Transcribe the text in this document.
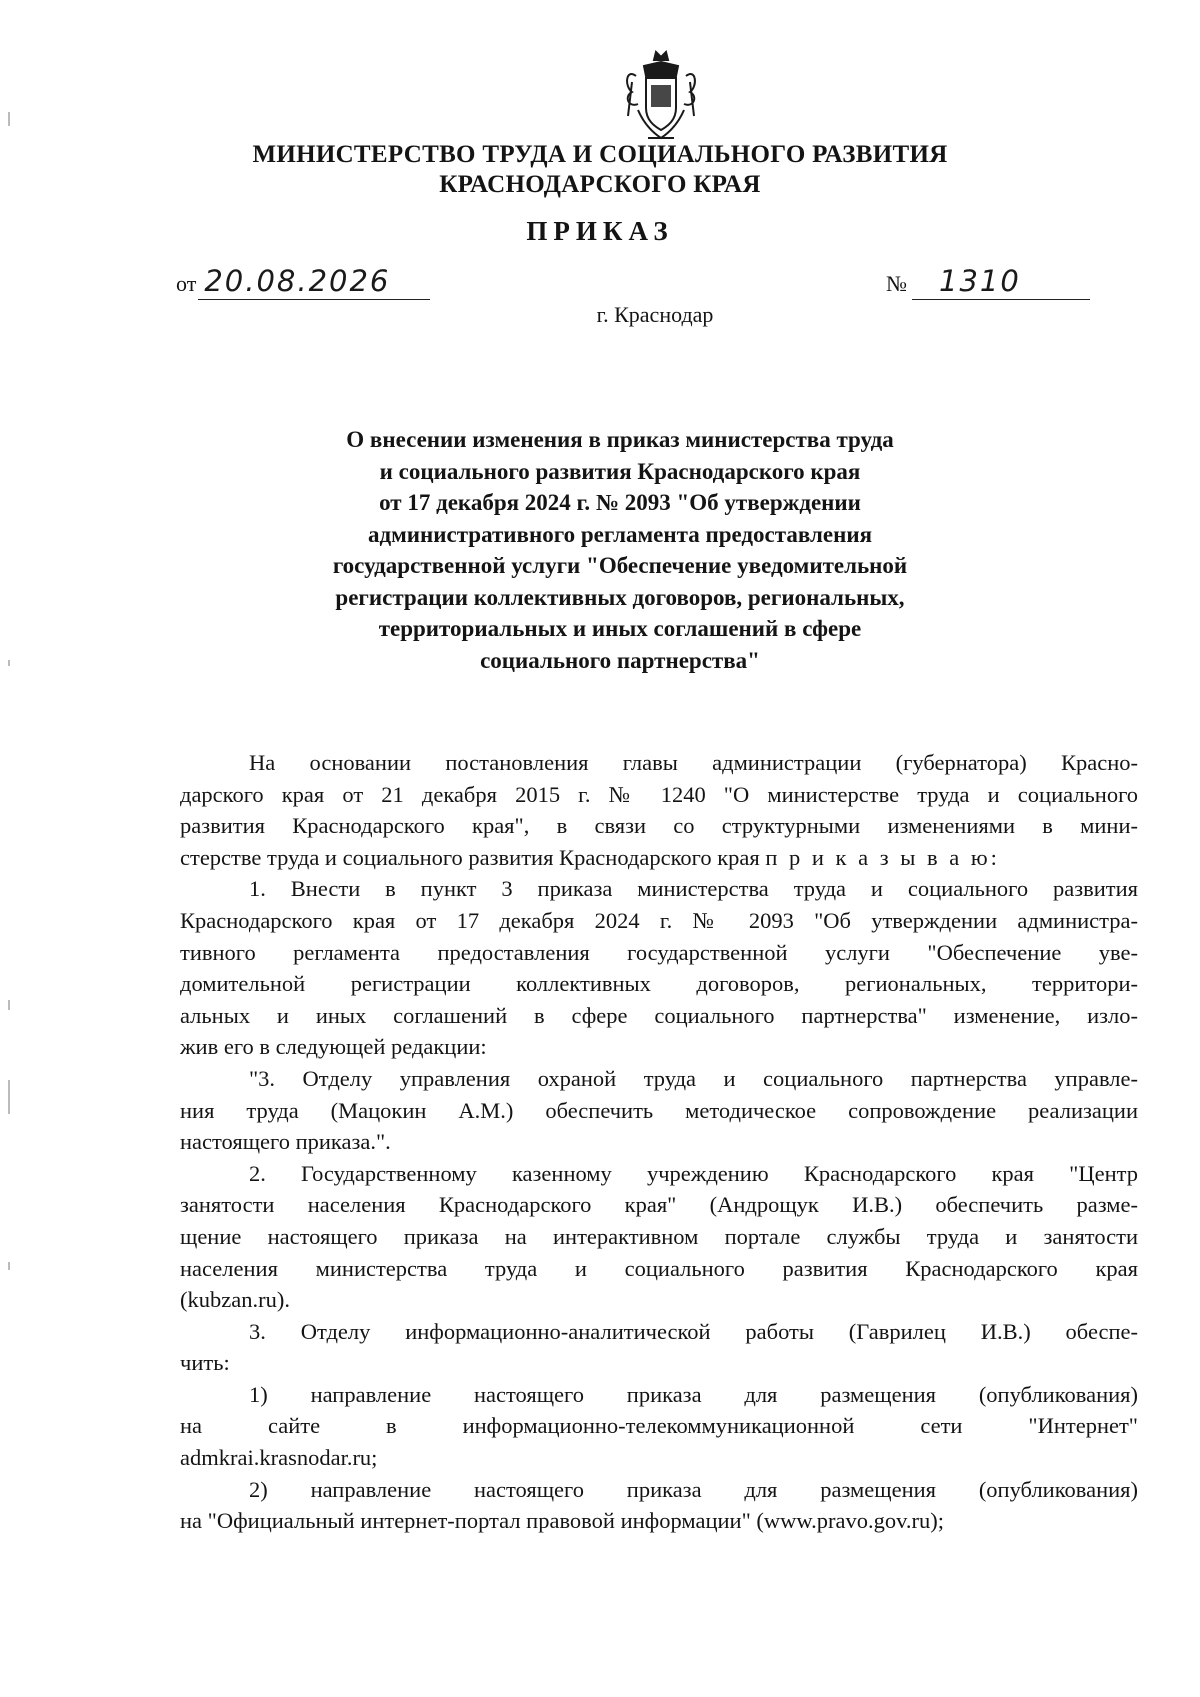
МИНИСТЕРСТВО ТРУДА И СОЦИАЛЬНОГО РАЗВИТИЯ
КРАСНОДАРСКОГО КРАЯ
ПРИКАЗ
от 20.08.2026	№ 1310
г. Краснодар
О внесении изменения в приказ министерства труда
и социального развития Краснодарского края
от 17 декабря 2024 г. № 2093 "Об утверждении
административного регламента предоставления
государственной услуги "Обеспечение уведомительной
регистрации коллективных договоров, региональных,
территориальных и иных соглашений в сфере
социального партнерства"
На основании постановления главы администрации (губернатора) Красно-
дарского края от 21 декабря 2015 г. № 1240 "О министерстве труда и социального
развития Краснодарского края", в связи со структурными изменениями в мини-
стерстве труда и социального развития Краснодарского края п р и к а з ы в а ю:
1. Внести в пункт 3 приказа министерства труда и социального развития
Краснодарского края от 17 декабря 2024 г. № 2093 "Об утверждении администра-
тивного регламента предоставления государственной услуги "Обеспечение уве-
домительной регистрации коллективных договоров, региональных, территори-
альных и иных соглашений в сфере социального партнерства" изменение, изло-
жив его в следующей редакции:
"3. Отделу управления охраной труда и социального партнерства управле-
ния труда (Мацокин А.М.) обеспечить методическое сопровождение реализации
настоящего приказа.".
2. Государственному казенному учреждению Краснодарского края "Центр
занятости населения Краснодарского края" (Андрощук И.В.) обеспечить разме-
щение настоящего приказа на интерактивном портале службы труда и занятости
населения министерства труда и социального развития Краснодарского края
(kubzan.ru).
3. Отделу информационно-аналитической работы (Гаврилец И.В.) обеспе-
чить:
1) направление настоящего приказа для размещения (опубликования)
на сайте в информационно-телекоммуникационной сети "Интернет"
admkrai.krasnodar.ru;
2) направление настоящего приказа для размещения (опубликования)
на "Официальный интернет-портал правовой информации" (www.pravo.gov.ru);
